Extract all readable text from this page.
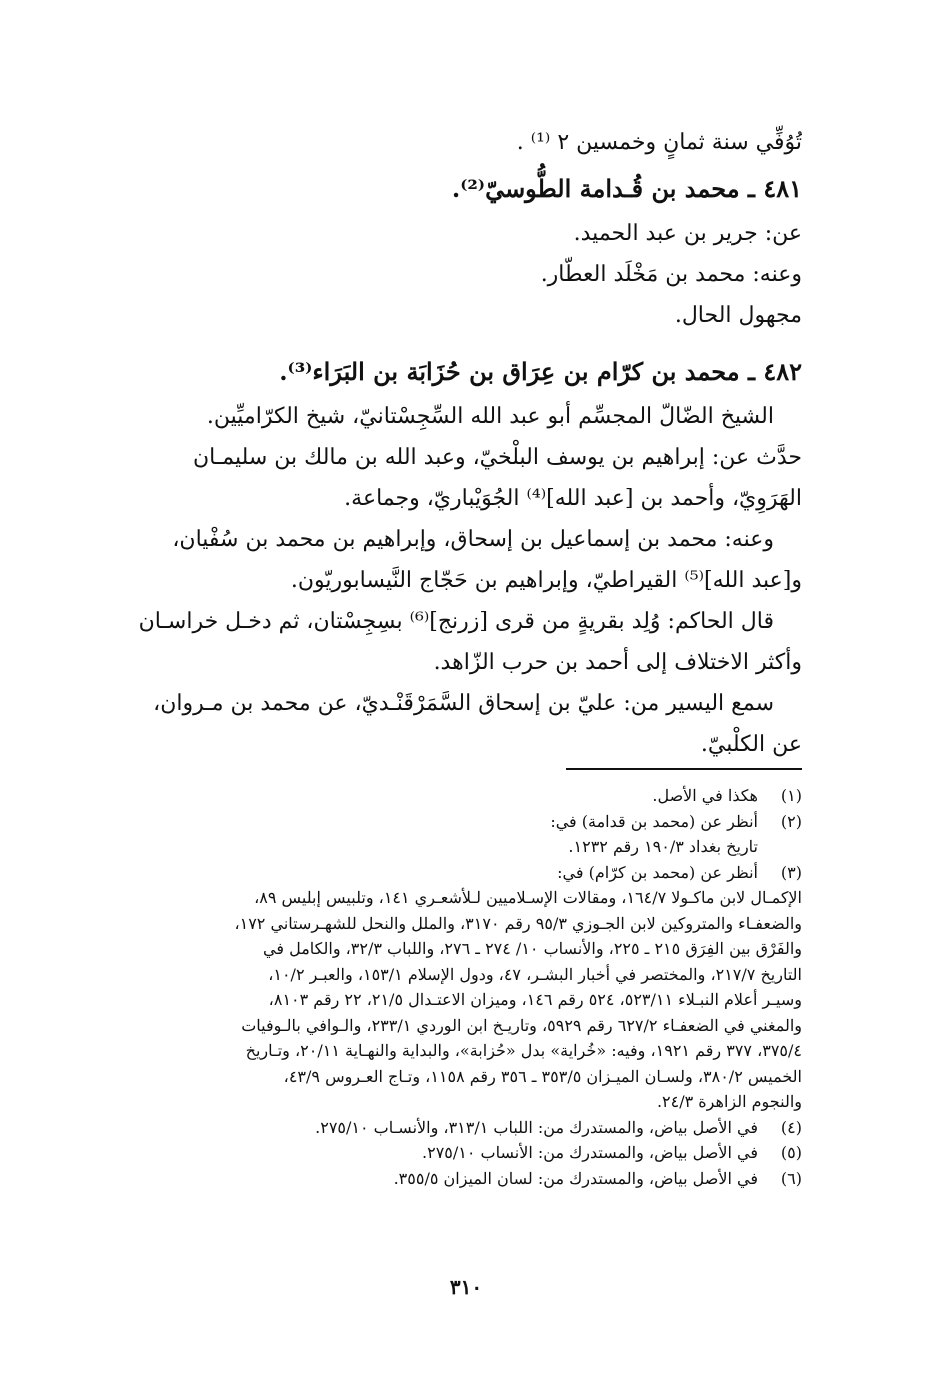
تُوُفِّي سنة ثمانٍ وخمسين ٢ ⁽¹⁾ .
٤٨١ ـ محمد بن قُـدامة الطُّوسيّ⁽²⁾.
عن: جرير بن عبد الحميد.
وعنه: محمد بن مَخْلَد العطّار.
مجهول الحال.
٤٨٢ ـ محمد بن كرّام بن عِرَاق بن حُزَابَة بن البَرَاء⁽³⁾.
الشيخ الضّالّ المجسِّم أبو عبد الله السِّجِسْتانيّ، شيخ الكرّاميِّين.
حدَّث عن: إبراهيم بن يوسف البلْخيّ، وعبد الله بن مالك بن سليمـان
الهَرَوِيّ، وأحمد بن [عبد الله]⁽⁴⁾ الجُوَيْباريّ، وجماعة.
وعنه: محمد بن إسماعيل بن إسحاق، وإبراهيم بن محمد بن سُفْيان،
و[عبد الله]⁽⁵⁾ القيراطيّ، وإبراهيم بن حَجّاج النَّيسابوريّون.
قال الحاكم: وُلِد بقريةٍ من قرى [زرنج]⁽⁶⁾ بسِجِسْتان، ثم دخـل خراسـان
وأكثر الاختلاف إلى أحمد بن حرب الزّاهد.
سمع اليسير من: عليّ بن إسحاق السَّمَرْقَنْـديّ، عن محمد بن مـروان،
عن الكلْبيّ.
(١)
هكذا في الأصل.
(٢)
أنظر عن (محمد بن قدامة) في:
تاريخ بغداد ١٩٠/٣ رقم ١٢٣٢.
(٣)
أنظر عن (محمد بن كرّام) في:
الإكمـال لابن ماكـولا ١٦٤/٧، ومقالات الإسـلاميين لـلأشعـري ١٤١، وتلبيس إبليس ٨٩،
والضعفـاء والمتروكين لابن الجـوزي ٩٥/٣ رقم ٣١٧٠، والملل والنحل للشهـرستاني ١٧٢،
والفَرْق بين الفِرَق ٢١٥ ـ ٢٢٥، والأنساب ١٠/ ٢٧٤ ـ ٢٧٦، واللباب ٣٢/٣، والكامل في
التاريخ ٢١٧/٧، والمختصر في أخبار البشـر، ٤٧، ودول الإسلام ١٥٣/١، والعبـر ١٠/٢،
وسيـر أعلام النبـلاء ٥٢٣/١١، ٥٢٤ رقم ١٤٦، وميزان الاعتـدال ٢١/٥، ٢٢ رقم ٨١٠٣،
والمغني في الضعفـاء ٦٢٧/٢ رقم ٥٩٢٩، وتاريـخ ابن الوردي ٢٣٣/١، والـوافي بالـوفيات
٣٧٥/٤، ٣٧٧ رقم ١٩٢١، وفيه: «خُراية» بدل «حُزابة»، والبداية والنهـاية ٢٠/١١، وتـاريخ
الخميس ٣٨٠/٢، ولسـان الميـزان ٣٥٣/٥ ـ ٣٥٦ رقم ١١٥٨، وتـاج العـروس ٤٣/٩،
والنجوم الزاهرة ٢٤/٣.
(٤)
في الأصل بياض، والمستدرك من: اللباب ٣١٣/١، والأنسـاب ٢٧٥/١٠.
(٥)
في الأصل بياض، والمستدرك من: الأنساب ٢٧٥/١٠.
(٦)
في الأصل بياض، والمستدرك من: لسان الميزان ٣٥٥/٥.
٣١٠
